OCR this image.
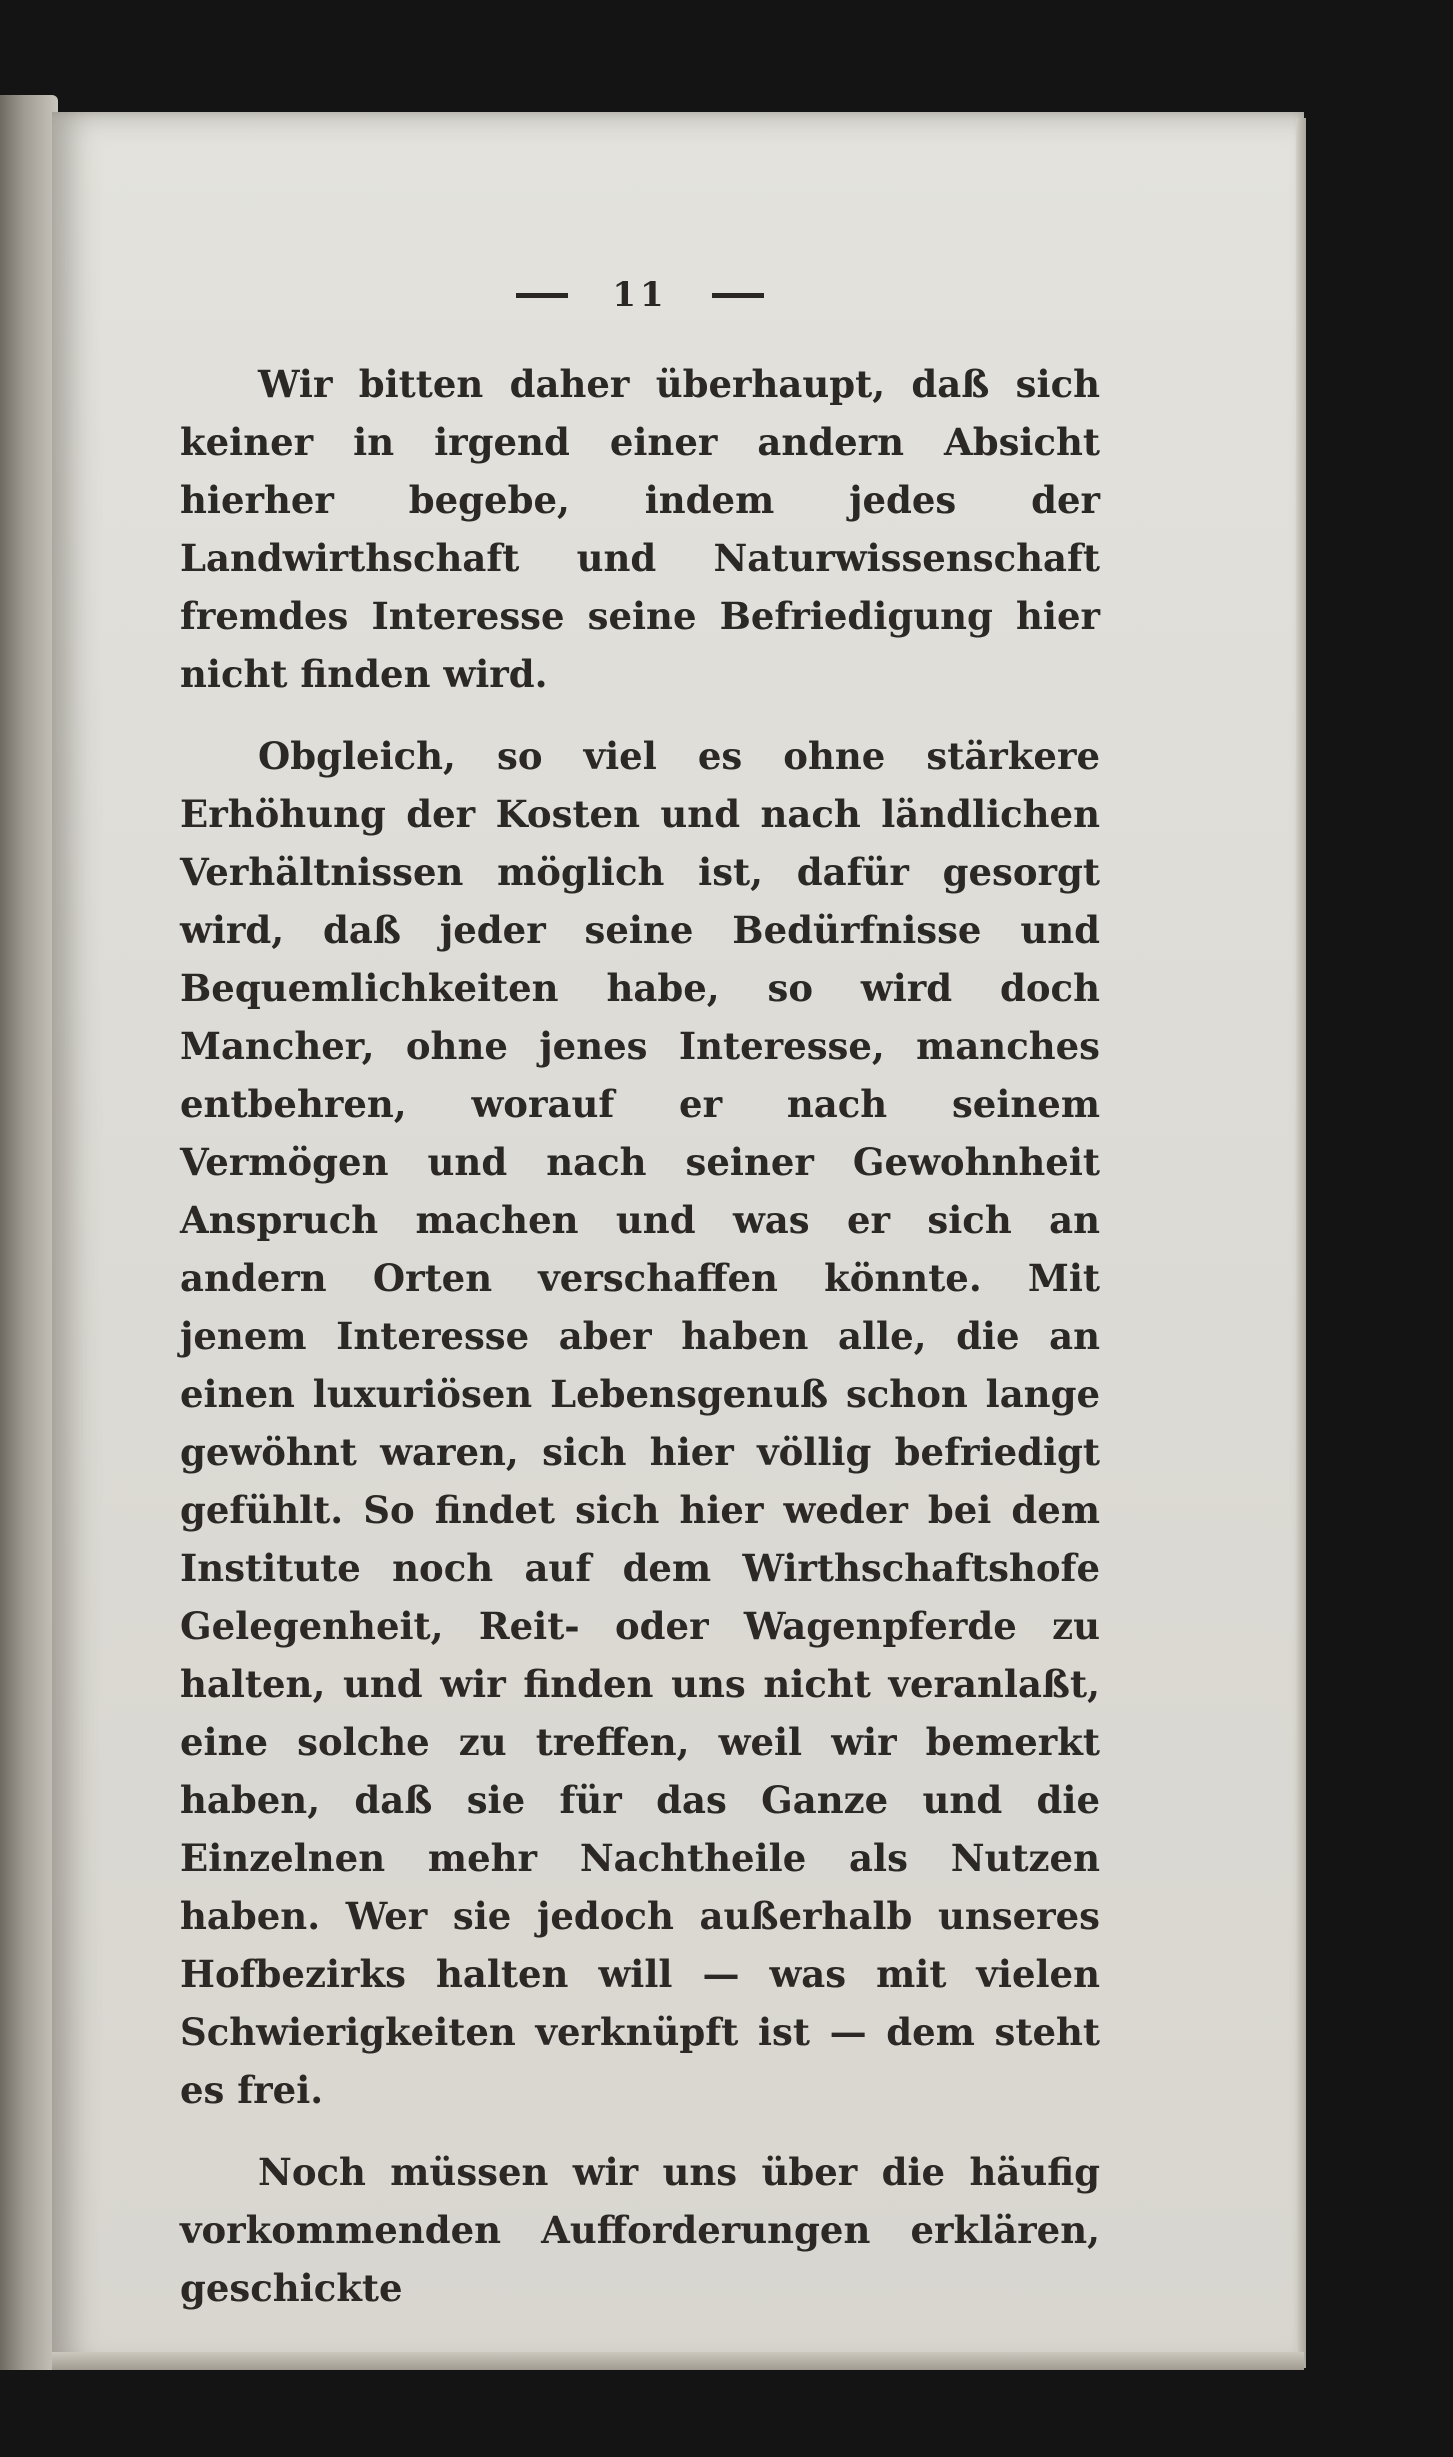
11

Wir bitten daher überhaupt, daß sich keiner in irgend einer andern Absicht hierher begebe, indem jedes der Landwirthschaft und Naturwissenschaft fremdes Interesse seine Befriedigung hier nicht finden wird.

Obgleich, so viel es ohne stärkere Erhöhung der Kosten und nach ländlichen Verhältnissen möglich ist, dafür gesorgt wird, daß jeder seine Bedürfnisse und Bequemlichkeiten habe, so wird doch Mancher, ohne jenes Interesse, manches entbehren, worauf er nach seinem Vermögen und nach seiner Gewohnheit Anspruch machen und was er sich an andern Orten verschaffen könnte. Mit jenem Interesse aber haben alle, die an einen luxuriösen Lebensgenuß schon lange gewöhnt waren, sich hier völlig befriedigt gefühlt. So findet sich hier weder bei dem Institute noch auf dem Wirthschaftshofe Gelegenheit, Reit- oder Wagenpferde zu halten, und wir finden uns nicht veranlaßt, eine solche zu treffen, weil wir bemerkt haben, daß sie für das Ganze und die Einzelnen mehr Nachtheile als Nutzen haben. Wer sie jedoch außerhalb unseres Hofbezirks halten will — was mit vielen Schwierigkeiten verknüpft ist — dem steht es frei.

Noch müssen wir uns über die häufig vorkommenden Aufforderungen erklären, geschickte
